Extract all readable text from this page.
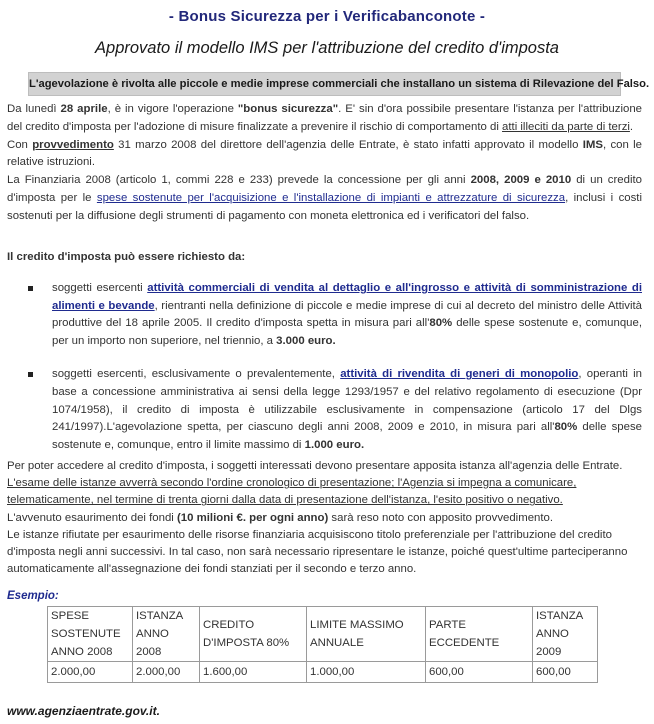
- Bonus Sicurezza per i Verificabanconote -
Approvato il modello IMS per l'attribuzione del credito d'imposta
L'agevolazione è rivolta alle piccole e medie imprese commerciali che installano un sistema di Rilevazione del Falso.

Da lunedì 28 aprile, è in vigore l'operazione "bonus sicurezza". E' sin d'ora possibile presentare l'istanza per l'attribuzione del credito d'imposta per l'adozione di misure finalizzate a prevenire il rischio di comportamento di atti illeciti da parte di terzi.

Con provvedimento 31 marzo 2008 del direttore dell'agenzia delle Entrate, è stato infatti approvato il modello IMS, con le relative istruzioni.

La Finanziaria 2008 (articolo 1, commi 228 e 233) prevede la concessione per gli anni 2008, 2009 e 2010 di un credito d'imposta per le spese sostenute per l'acquisizione e l'installazione di impianti e attrezzature di sicurezza, inclusi i costi sostenuti per la diffusione degli strumenti di pagamento con moneta elettronica ed i verificatori del falso.

Il credito d'imposta può essere richiesto da:
soggetti esercenti attività commerciali di vendita al dettaglio e all'ingrosso e attività di somministrazione di alimenti e bevande, rientranti nella definizione di piccole e medie imprese di cui al decreto del ministro delle Attività produttive del 18 aprile 2005. Il credito d'imposta spetta in misura pari all'80% delle spese sostenute e, comunque, per un importo non superiore, nel triennio, a 3.000 euro.
soggetti esercenti, esclusivamente o prevalentemente, attività di rivendita di generi di monopolio, operanti in base a concessione amministrativa ai sensi della legge 1293/1957 e del relativo regolamento di esecuzione (Dpr 1074/1958), il credito di imposta è utilizzabile esclusivamente in compensazione (articolo 17 del Dlgs 241/1997).L'agevolazione spetta, per ciascuno degli anni 2008, 2009 e 2010, in misura pari all'80% delle spese sostenute e, comunque, entro il limite massimo di 1.000 euro.

Per poter accedere al credito d'imposta, i soggetti interessati devono presentare apposita istanza all'agenzia delle Entrate.

L'esame delle istanze avverrà secondo l'ordine cronologico di presentazione; l'Agenzia si impegna a comunicare, telematicamente, nel termine di trenta giorni dalla data di presentazione dell'istanza, l'esito positivo o negativo.

L'avvenuto esaurimento dei fondi (10 milioni €. per ogni anno) sarà reso noto con apposito provvedimento.

Le istanze rifiutate per esaurimento delle risorse finanziaria acquisiscono titolo preferenziale per l'attribuzione del credito d'imposta negli anni successivi. In tal caso, non sarà necessario ripresentare le istanze, poiché quest'ultime parteciperanno automaticamente all'assegnazione dei fondi stanziati per il secondo e terzo anno.

Esempio:
SPESE SOSTENUTE ANNO 2008	ISTANZA ANNO 2008	CREDITO D'IMPOSTA 80%	LIMITE MASSIMO ANNUALE	PARTE ECCEDENTE	ISTANZA ANNO 2009
2.000,00	2.000,00	1.600,00	1.000,00	600,00	600,00
www.agenziaentrate.gov.it.
